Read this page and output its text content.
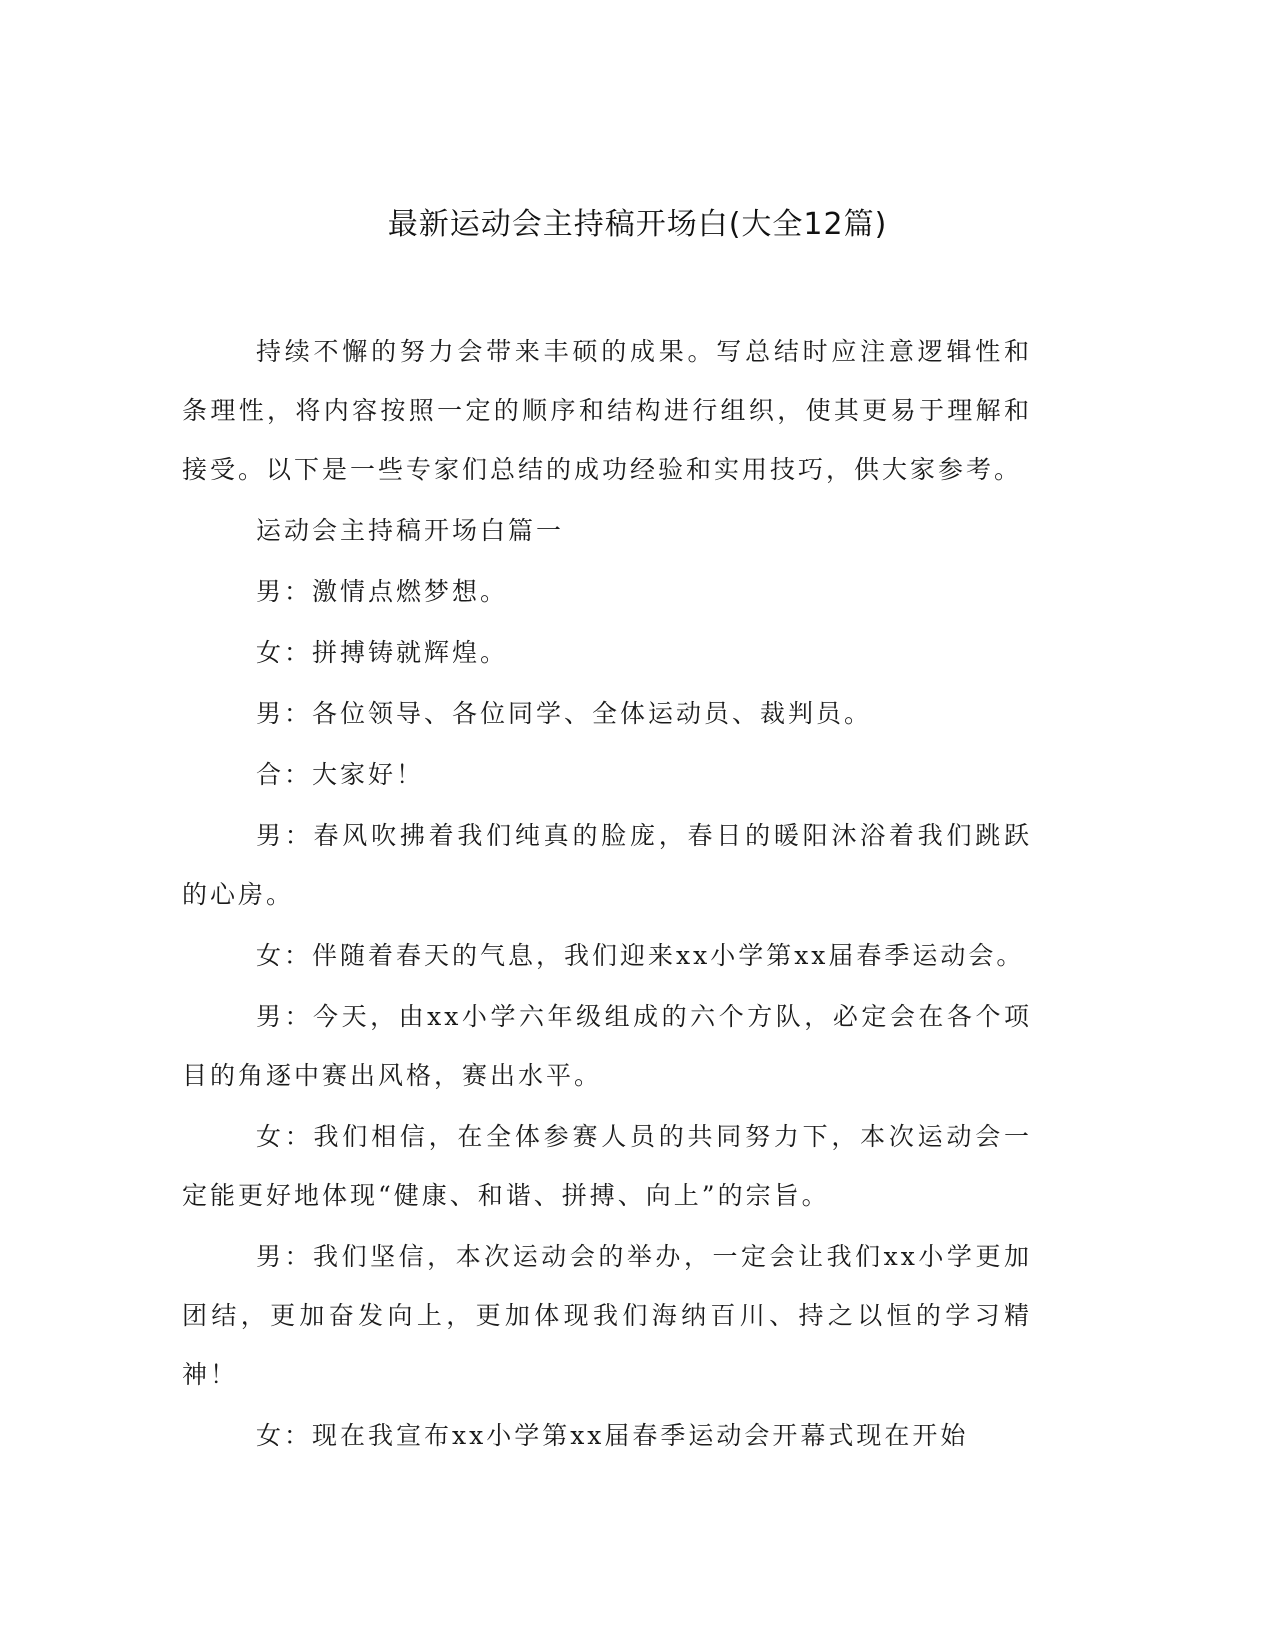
最新运动会主持稿开场白(大全12篇)

持续不懈的努力会带来丰硕的成果。写总结时应注意逻辑性和条理性，将内容按照一定的顺序和结构进行组织，使其更易于理解和接受。以下是一些专家们总结的成功经验和实用技巧，供大家参考。

运动会主持稿开场白篇一

男：激情点燃梦想。

女：拼搏铸就辉煌。

男：各位领导、各位同学、全体运动员、裁判员。

合：大家好！

男：春风吹拂着我们纯真的脸庞，春日的暖阳沐浴着我们跳跃的心房。

女：伴随着春天的气息，我们迎来xx小学第xx届春季运动会。

男：今天，由xx小学六年级组成的六个方队，必定会在各个项目的角逐中赛出风格，赛出水平。

女：我们相信，在全体参赛人员的共同努力下，本次运动会一定能更好地体现“健康、和谐、拼搏、向上”的宗旨。

男：我们坚信，本次运动会的举办，一定会让我们xx小学更加团结，更加奋发向上，更加体现我们海纳百川、持之以恒的学习精神！

女：现在我宣布xx小学第xx届春季运动会开幕式现在开始
